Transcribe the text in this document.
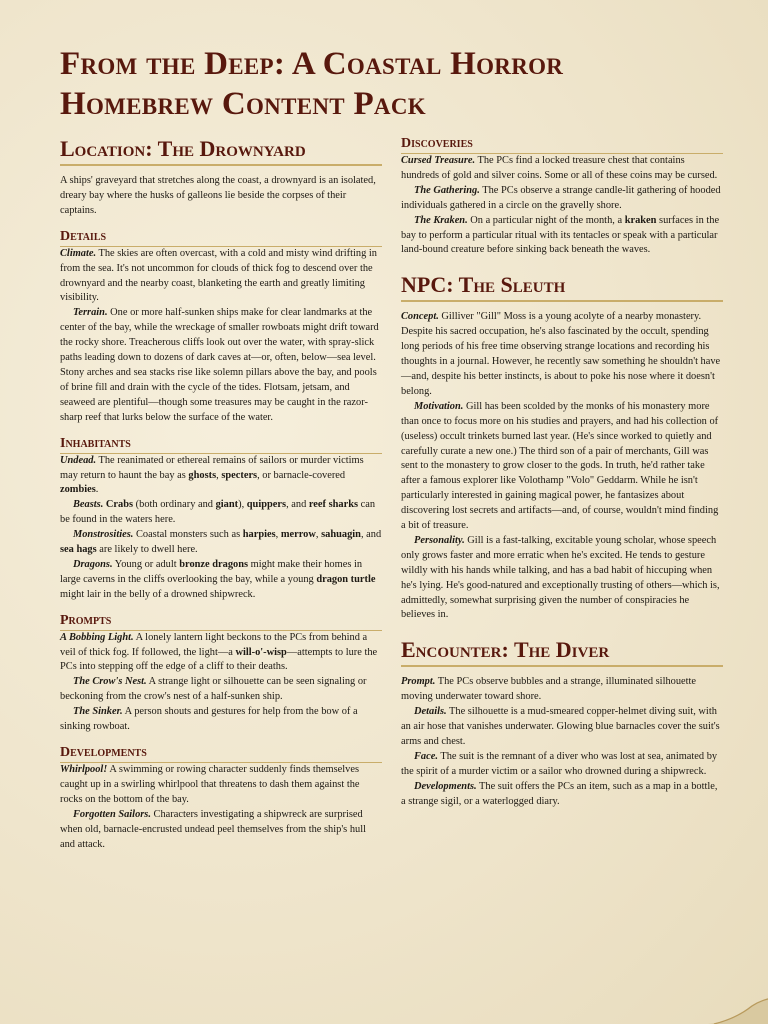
From the Deep: A Coastal Horror
Homebrew Content Pack
Location: The Drownyard

A ships' graveyard that stretches along the coast, a drownyard is an isolated, dreary bay where the husks of galleons lie beside the corpses of their captains.

Details

Climate. The skies are often overcast, with a cold and misty wind drifting in from the sea. It's not uncommon for clouds of thick fog to descend over the drownyard and the nearby coast, blanketing the earth and greatly limiting visibility.

Terrain. One or more half-sunken ships make for clear landmarks at the center of the bay, while the wreckage of smaller rowboats might drift toward the rocky shore. Treacherous cliffs look out over the water, with spray-slick paths leading down to dozens of dark caves at—or, often, below—sea level. Stony arches and sea stacks rise like solemn pillars above the bay, and pools of brine fill and drain with the cycle of the tides. Flotsam, jetsam, and seaweed are plentiful—though some treasures may be caught in the razor-sharp reef that lurks below the surface of the water.

Inhabitants

Undead. The reanimated or ethereal remains of sailors or murder victims may return to haunt the bay as ghosts, specters, or barnacle-covered zombies.

Beasts. Crabs (both ordinary and giant), quippers, and reef sharks can be found in the waters here.

Monstrosities. Coastal monsters such as harpies, merrow, sahuagin, and sea hags are likely to dwell here.

Dragons. Young or adult bronze dragons might make their homes in large caverns in the cliffs overlooking the bay, while a young dragon turtle might lair in the belly of a drowned shipwreck.

Prompts

A Bobbing Light. A lonely lantern light beckons to the PCs from behind a veil of thick fog. If followed, the light—a will-o'-wisp—attempts to lure the PCs into stepping off the edge of a cliff to their deaths.

The Crow's Nest. A strange light or silhouette can be seen signaling or beckoning from the crow's nest of a half-sunken ship.

The Sinker. A person shouts and gestures for help from the bow of a sinking rowboat.

Developments

Whirlpool! A swimming or rowing character suddenly finds themselves caught up in a swirling whirlpool that threatens to dash them against the rocks on the bottom of the bay.

Forgotten Sailors. Characters investigating a shipwreck are surprised when old, barnacle-encrusted undead peel themselves from the ship's hull and attack.

Discoveries

Cursed Treasure. The PCs find a locked treasure chest that contains hundreds of gold and silver coins. Some or all of these coins may be cursed.

The Gathering. The PCs observe a strange candle-lit gathering of hooded individuals gathered in a circle on the gravelly shore.

The Kraken. On a particular night of the month, a kraken surfaces in the bay to perform a particular ritual with its tentacles or speak with a particular land-bound creature before sinking back beneath the waves.

NPC: The Sleuth

Concept. Gilliver "Gill" Moss is a young acolyte of a nearby monastery. Despite his sacred occupation, he's also fascinated by the occult, spending long periods of his free time observing strange locations and recording his thoughts in a journal. However, he recently saw something he shouldn't have—and, despite his better instincts, is about to poke his nose where it doesn't belong.

Motivation. Gill has been scolded by the monks of his monastery more than once to focus more on his studies and prayers, and had his collection of (useless) occult trinkets burned last year. (He's since worked to quietly and carefully curate a new one.) The third son of a pair of merchants, Gill was sent to the monastery to grow closer to the gods. In truth, he'd rather take after a famous explorer like Volothamp "Volo" Geddarm. While he isn't particularly interested in gaining magical power, he fantasizes about discovering lost secrets and artifacts—and, of course, wouldn't mind finding a bit of treasure.

Personality. Gill is a fast-talking, excitable young scholar, whose speech only grows faster and more erratic when he's excited. He tends to gesture wildly with his hands while talking, and has a bad habit of hiccuping when he's lying. He's good-natured and exceptionally trusting of others—which is, admittedly, somewhat surprising given the number of conspiracies he believes in.

Encounter: The Diver

Prompt. The PCs observe bubbles and a strange, illuminated silhouette moving underwater toward shore.

Details. The silhouette is a mud-smeared copper-helmet diving suit, with an air hose that vanishes underwater. Glowing blue barnacles cover the suit's arms and chest.

Face. The suit is the remnant of a diver who was lost at sea, animated by the spirit of a murder victim or a sailor who drowned during a shipwreck.

Developments. The suit offers the PCs an item, such as a map in a bottle, a strange sigil, or a waterlogged diary.
